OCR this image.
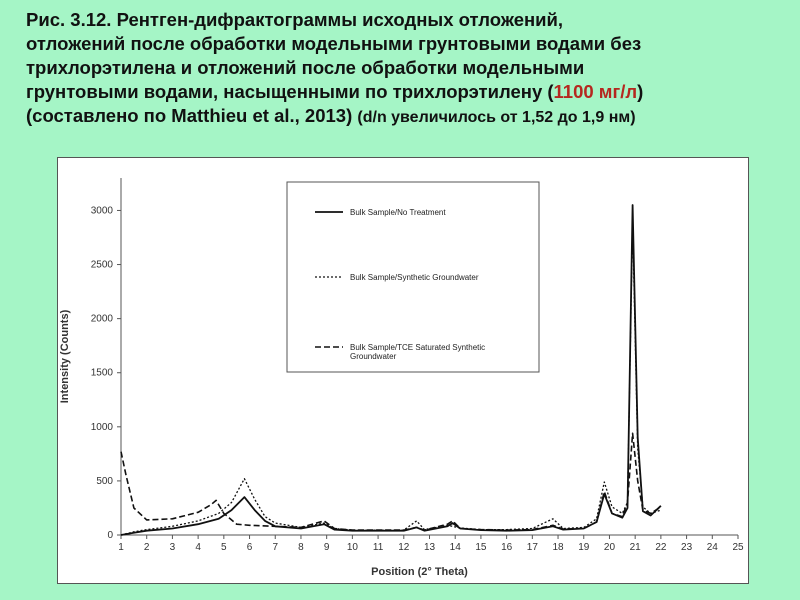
Рис. 3.12. Рентген-дифрактограммы исходных отложений,
отложений после обработки модельными грунтовыми водами без
трихлорэтилена и отложений после обработки модельными
грунтовыми водами, насыщенными по трихлорэтилену (1100 мг/л)
(составлено по Matthieu et al., 2013) (d/n увеличилось от 1,52 до 1,9 нм)
0
500
1000
1500
2000
2500
3000
1 2 3 4 5 6 7 8 9 10 11 12 13 14 15 16 17 18 19 20 21 22 23 24 25
Position (2° Theta)
Intensity (Counts)
Bulk Sample/No Treatment
Bulk Sample/Synthetic Groundwater
Bulk Sample/TCE Saturated Synthetic
Groundwater
